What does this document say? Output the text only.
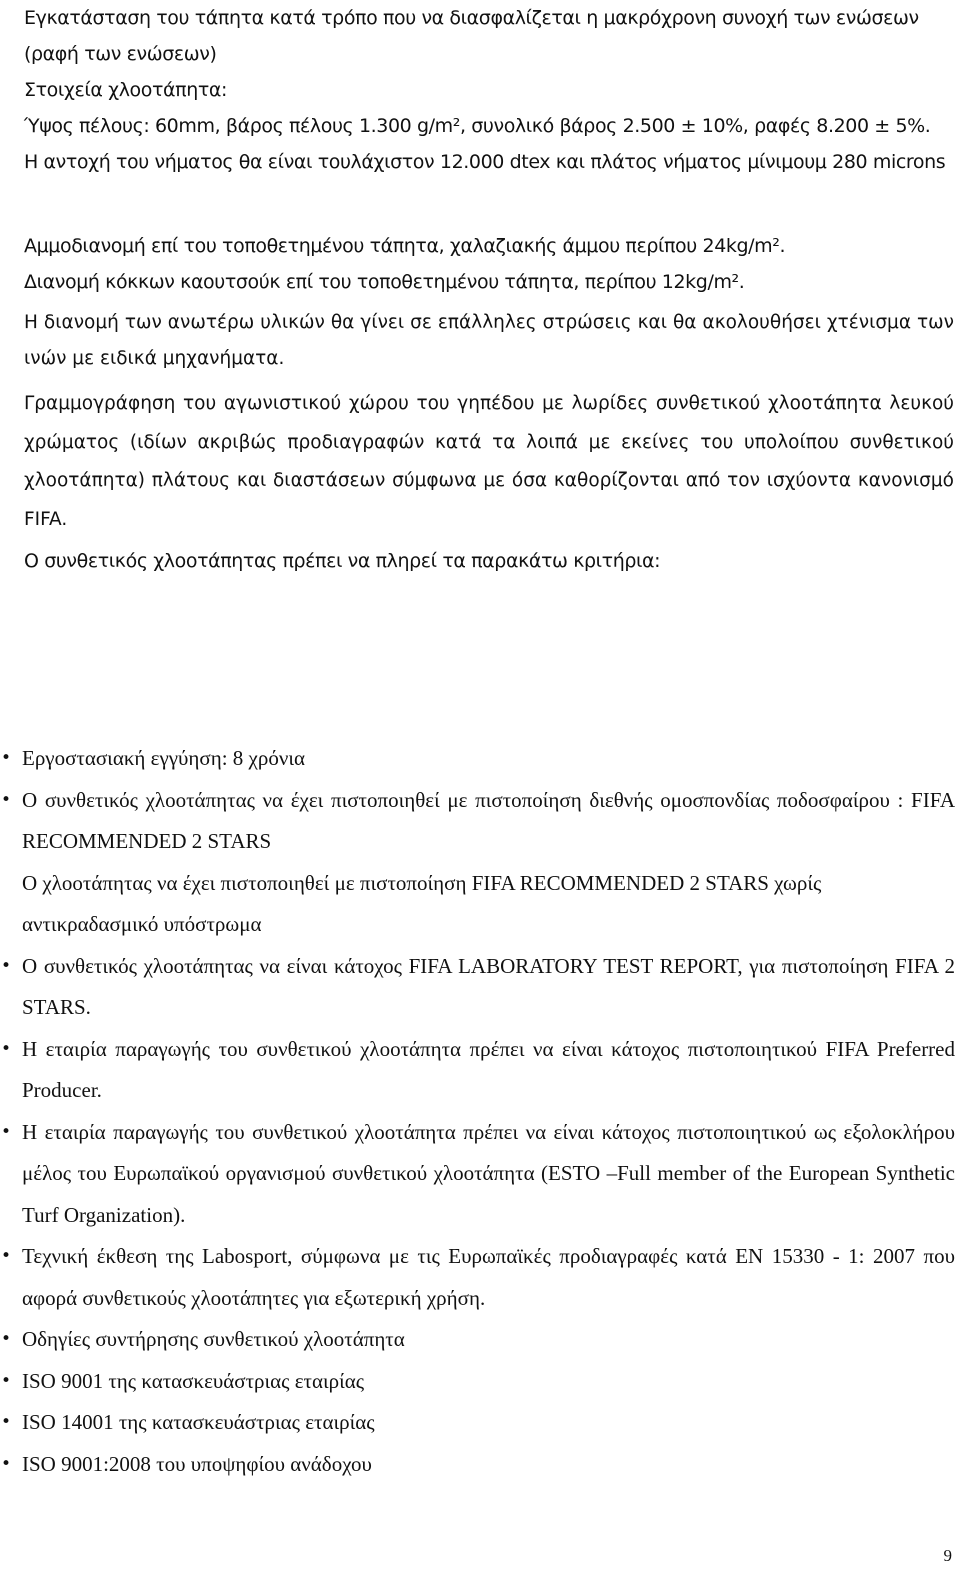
Εγκατάσταση του τάπητα κατά τρόπο που να διασφαλίζεται η μακρόχρονη συνοχή των ενώσεων (ραφή των ενώσεων)

Στοιχεία χλοοτάπητα:

Ύψος πέλους: 60mm, βάρος πέλους 1.300 g/m², συνολικό βάρος 2.500 ± 10%, ραφές 8.200 ± 5%. Η αντοχή του νήματος θα είναι τουλάχιστον 12.000 dtex και πλάτος νήματος μίνιμουμ 280 microns

Αμμοδιανομή επί του τοποθετημένου τάπητα, χαλαζιακής άμμου περίπου 24kg/m².

Διανομή κόκκων καουτσούκ επί του τοποθετημένου τάπητα, περίπου 12kg/m².

Η διανομή των ανωτέρω υλικών θα γίνει σε επάλληλες στρώσεις και θα ακολουθήσει χτένισμα των ινών με ειδικά μηχανήματα.

Γραμμογράφηση του αγωνιστικού χώρου του γηπέδου με λωρίδες συνθετικού χλοοτάπητα λευκού χρώματος (ιδίων ακριβώς προδιαγραφών κατά τα λοιπά με εκείνες του υπολοίπου συνθετικού χλοοτάπητα) πλάτους και διαστάσεων σύμφωνα με όσα καθορίζονται από τον ισχύοντα κανονισμό FIFA.

Ο συνθετικός χλοοτάπητας πρέπει να πληρεί τα παρακάτω κριτήρια:

• Εργοστασιακή εγγύηση: 8 χρόνια

• Ο συνθετικός χλοοτάπητας να έχει πιστοποιηθεί με πιστοποίηση διεθνής ομοσπονδίας ποδοσφαίρου : FIFA RECOMMENDED 2 STARS

Ο χλοοτάπητας να έχει πιστοποιηθεί με πιστοποίηση FIFA RECOMMENDED 2 STARS χωρίς αντικραδασμικό υπόστρωμα

• Ο συνθετικός χλοοτάπητας να είναι κάτοχος FIFA LABORATORY TEST REPORT, για πιστοποίηση FIFA 2 STARS.

• Η εταιρία παραγωγής του συνθετικού χλοοτάπητα πρέπει να είναι κάτοχος πιστοποιητικού FIFA Preferred Producer.

• Η εταιρία παραγωγής του συνθετικού χλοοτάπητα πρέπει να είναι κάτοχος πιστοποιητικού ως εξολοκλήρου μέλος του Ευρωπαϊκού οργανισμού συνθετικού χλοοτάπητα (ESTO –Full member of the European Synthetic Turf Organization).

• Τεχνική έκθεση της Labosport, σύμφωνα με τις Ευρωπαϊκές προδιαγραφές κατά EN 15330 - 1: 2007 που αφορά συνθετικούς χλοοτάπητες για εξωτερική χρήση.

• Οδηγίες συντήρησης συνθετικού χλοοτάπητα

• ISO 9001 της κατασκευάστριας εταιρίας

• ISO 14001 της κατασκευάστριας εταιρίας

• ISO 9001:2008 του υποψηφίου ανάδοχου

9
